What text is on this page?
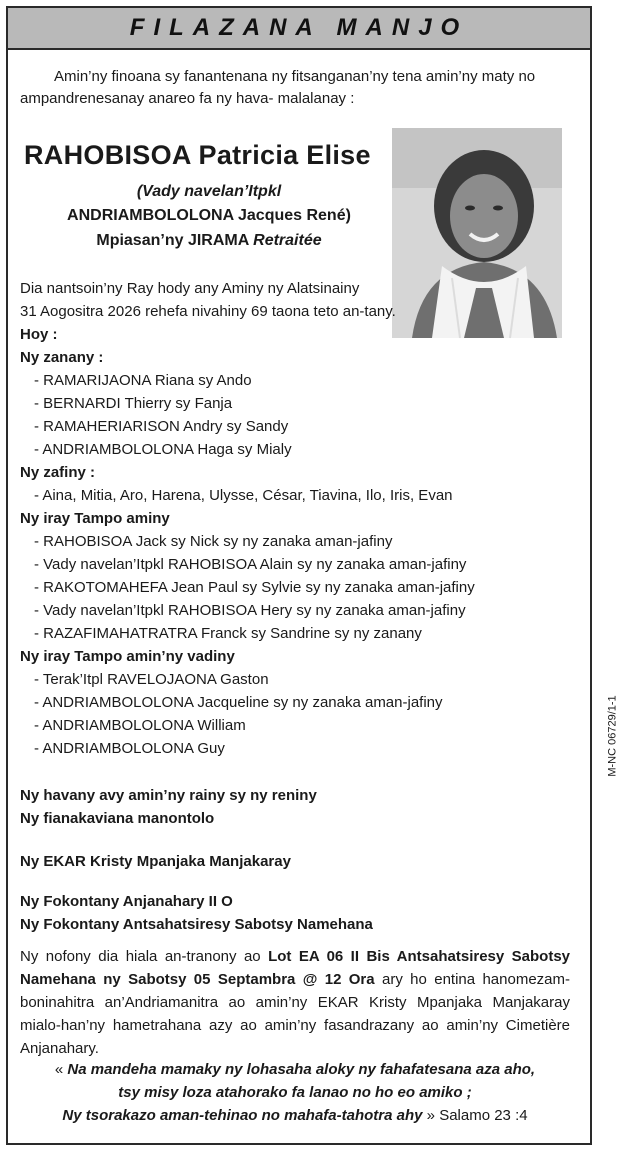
FILAZANA MANJO
Amin’ny finoana sy fanantenana ny fitsanganan’ny tena amin’ny maty no ampandrenesanay anareo fa ny hava- malalanay :
RAHOBISOA Patricia Elise
(Vady navelan’Itpkl
ANDRIAMBOLOLONA Jacques René)
Mpiasan’ny JIRAMA Retraitée
M-NC 06729/1-1
Dia nantsoin’ny Ray hody any Aminy ny Alatsinainy
31 Aogositra 2026 rehefa nivahiny 69 taona teto an-tany.
Hoy :
Ny zanany :
- RAMARIJAONA Riana sy Ando
- BERNARDI Thierry sy Fanja
- RAMAHERIARISON Andry sy Sandy
- ANDRIAMBOLOLONA Haga sy Mialy
Ny zafiny :
- Aina, Mitia, Aro, Harena, Ulysse, César, Tiavina, Ilo, Iris, Evan
Ny iray Tampo aminy
- RAHOBISOA Jack sy Nick sy ny zanaka aman-jafiny
- Vady navelan’Itpkl RAHOBISOA Alain sy ny zanaka aman-jafiny
- RAKOTOMAHEFA Jean Paul sy Sylvie sy ny zanaka aman-jafiny
- Vady navelan’Itpkl RAHOBISOA Hery sy ny zanaka aman-jafiny
- RAZAFIMAHATRATRA Franck sy Sandrine sy ny zanany
Ny iray Tampo amin’ny vadiny
- Terak’Itpl RAVELOJAONA Gaston
- ANDRIAMBOLOLONA Jacqueline sy ny zanaka aman-jafiny
- ANDRIAMBOLOLONA William
- ANDRIAMBOLOLONA Guy
Ny havany avy amin’ny rainy sy ny reniny
Ny fianakaviana manontolo
Ny EKAR Kristy Mpanjaka Manjakaray
Ny Fokontany Anjanahary II O
Ny Fokontany Antsahatsiresy Sabotsy Namehana
Ny nofony dia hiala an-tranony ao Lot EA 06 II Bis Antsahatsiresy Sabotsy Namehana ny Sabotsy 05 Septambra @ 12 Ora ary ho entina hanomezam-boninahitra an’Andriamanitra ao amin’ny EKAR Kristy Mpanjaka Manjakaray mialo-han’ny hametrahana azy ao amin’ny fasandrazany ao amin’ny Cimetière Anjanahary.
« Na mandeha mamaky ny lohasaha aloky ny fahafatesana aza aho,
tsy misy loza atahorako fa lanao no ho eo amiko ;
Ny tsorakazo aman-tehinao no mahafa-tahotra ahy » Salamo 23 :4
